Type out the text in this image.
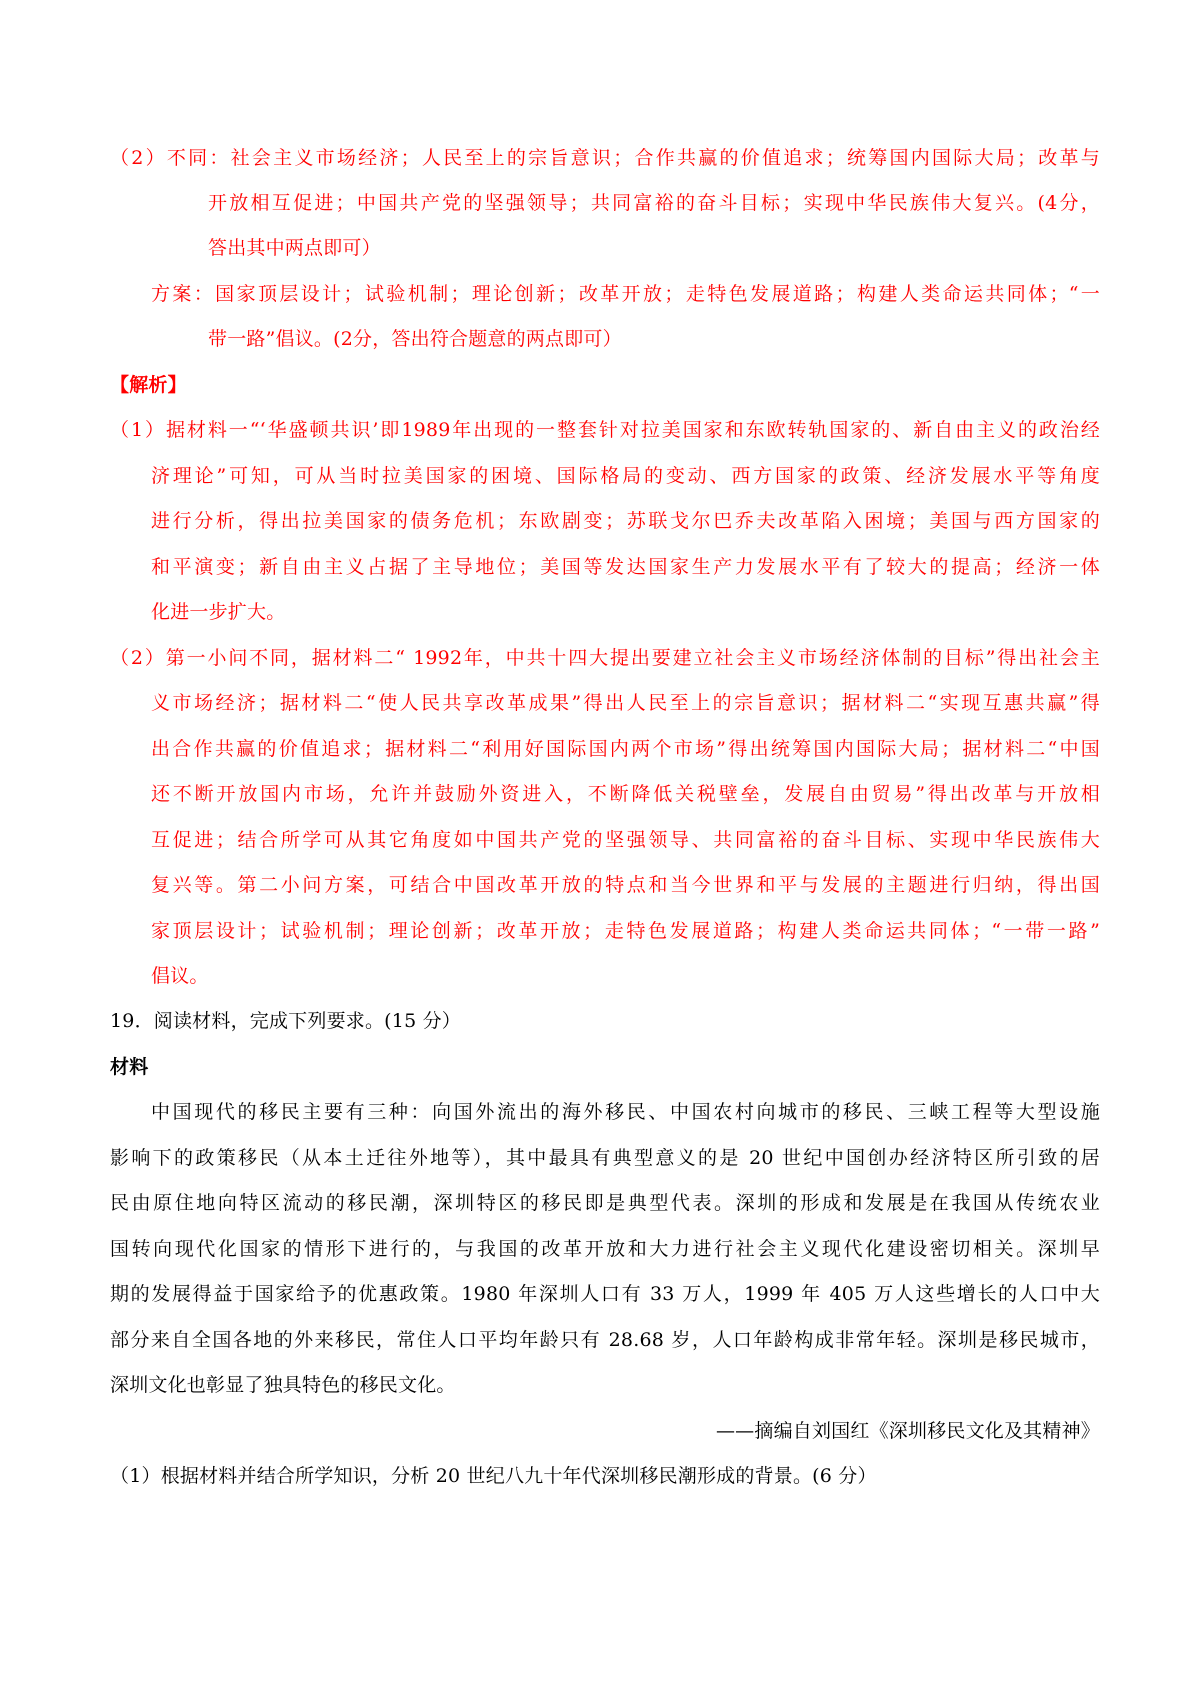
（2）不同：社会主义市场经济；人民至上的宗旨意识；合作共赢的价值追求；统筹国内国际大局；改革与
开放相互促进；中国共产党的坚强领导；共同富裕的奋斗目标；实现中华民族伟大复兴。(4分，
答出其中两点即可）
方案：国家顶层设计；试验机制；理论创新；改革开放；走特色发展道路；构建人类命运共同体；“一
带一路”倡议。(2分，答出符合题意的两点即可）
【解析】
（1）据材料一“‘华盛顿共识’即1989年出现的一整套针对拉美国家和东欧转轨国家的、新自由主义的政治经
济理论”可知，可从当时拉美国家的困境、国际格局的变动、西方国家的政策、经济发展水平等角度
进行分析，得出拉美国家的债务危机；东欧剧变；苏联戈尔巴乔夫改革陷入困境；美国与西方国家的
和平演变；新自由主义占据了主导地位；美国等发达国家生产力发展水平有了较大的提高；经济一体
化进一步扩大。
（2）第一小问不同，据材料二“ 1992年，中共十四大提出要建立社会主义市场经济体制的目标”得出社会主
义市场经济；据材料二“使人民共享改革成果”得出人民至上的宗旨意识；据材料二“实现互惠共赢”得
出合作共赢的价值追求；据材料二“利用好国际国内两个市场”得出统筹国内国际大局；据材料二“中国
还不断开放国内市场，允许并鼓励外资进入，不断降低关税壁垒，发展自由贸易”得出改革与开放相
互促进；结合所学可从其它角度如中国共产党的坚强领导、共同富裕的奋斗目标、实现中华民族伟大
复兴等。第二小问方案，可结合中国改革开放的特点和当今世界和平与发展的主题进行归纳，得出国
家顶层设计；试验机制；理论创新；改革开放；走特色发展道路；构建人类命运共同体；“一带一路”
倡议。
19．阅读材料，完成下列要求。(15 分）
材料
中国现代的移民主要有三种：向国外流出的海外移民、中国农村向城市的移民、三峡工程等大型设施
影响下的政策移民（从本土迁往外地等），其中最具有典型意义的是 20 世纪中国创办经济特区所引致的居
民由原住地向特区流动的移民潮，深圳特区的移民即是典型代表。深圳的形成和发展是在我国从传统农业
国转向现代化国家的情形下进行的，与我国的改革开放和大力进行社会主义现代化建设密切相关。深圳早
期的发展得益于国家给予的优惠政策。1980 年深圳人口有 33 万人，1999 年 405 万人这些增长的人口中大
部分来自全国各地的外来移民，常住人口平均年龄只有 28.68 岁，人口年龄构成非常年轻。深圳是移民城市，
深圳文化也彰显了独具特色的移民文化。
——摘编自刘国红《深圳移民文化及其精神》
（1）根据材料并结合所学知识，分析 20 世纪八九十年代深圳移民潮形成的背景。(6 分）
